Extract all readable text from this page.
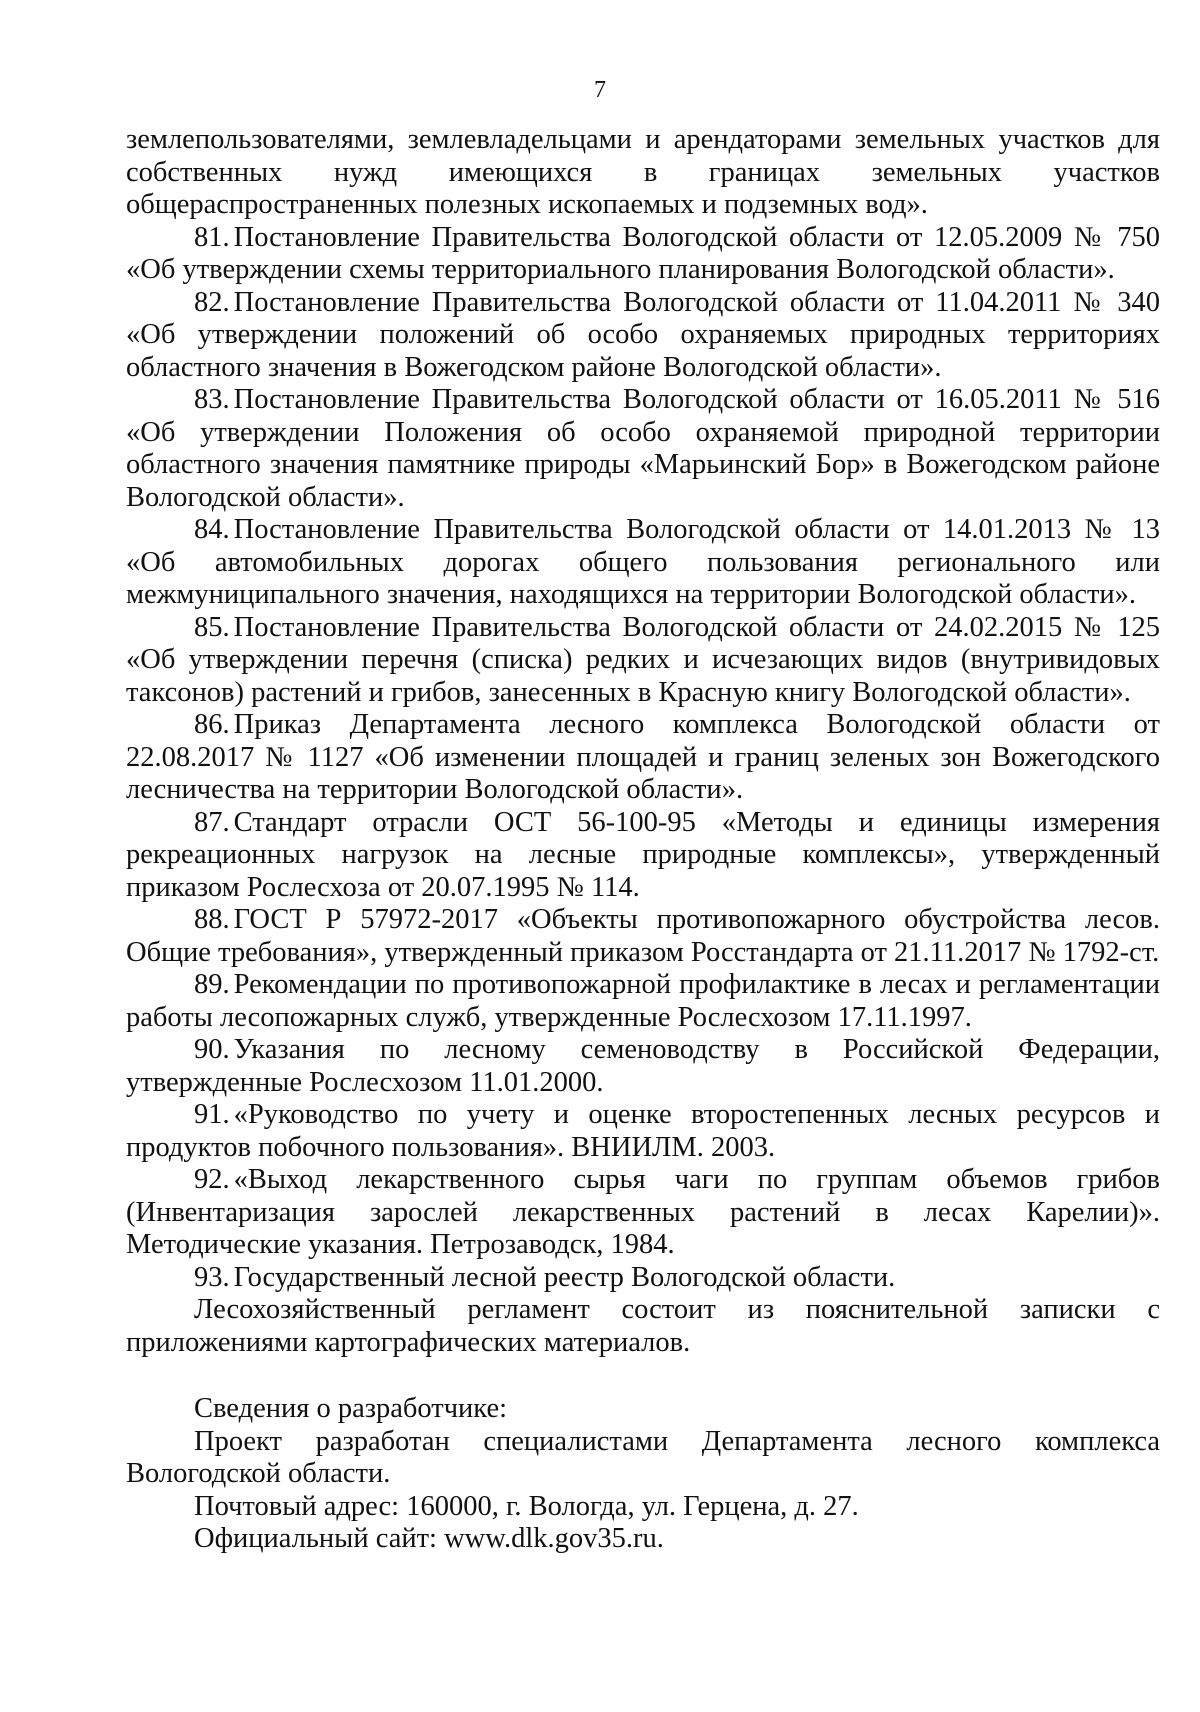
7

землепользователями, землевладельцами и арендаторами земельных участков для собственных нужд имеющихся в границах земельных участков общераспространенных полезных ископаемых и подземных вод».

81. Постановление Правительства Вологодской области от 12.05.2009 № 750 «Об утверждении схемы территориального планирования Вологодской области».

82. Постановление Правительства Вологодской области от 11.04.2011 № 340 «Об утверждении положений об особо охраняемых природных территориях областного значения в Вожегодском районе Вологодской области».

83. Постановление Правительства Вологодской области от 16.05.2011 № 516 «Об утверждении Положения об особо охраняемой природной территории областного значения памятнике природы «Марьинский Бор» в Вожегодском районе Вологодской области».

84. Постановление Правительства Вологодской области от 14.01.2013 № 13 «Об автомобильных дорогах общего пользования регионального или межмуниципального значения, находящихся на территории Вологодской области».

85. Постановление Правительства Вологодской области от 24.02.2015 № 125 «Об утверждении перечня (списка) редких и исчезающих видов (внутривидовых таксонов) растений и грибов, занесенных в Красную книгу Вологодской области».

86. Приказ Департамента лесного комплекса Вологодской области от 22.08.2017 № 1127 «Об изменении площадей и границ зеленых зон Вожегодского лесничества на территории Вологодской области».

87. Стандарт отрасли ОСТ 56-100-95 «Методы и единицы измерения рекреационных нагрузок на лесные природные комплексы», утвержденный приказом Рослесхоза от 20.07.1995 № 114.

88. ГОСТ Р 57972-2017 «Объекты противопожарного обустройства лесов. Общие требования», утвержденный приказом Росстандарта от 21.11.2017 № 1792-ст.

89. Рекомендации по противопожарной профилактике в лесах и регламентации работы лесопожарных служб, утвержденные Рослесхозом 17.11.1997.

90. Указания по лесному семеноводству в Российской Федерации, утвержденные Рослесхозом 11.01.2000.

91. «Руководство по учету и оценке второстепенных лесных ресурсов и продуктов побочного пользования». ВНИИЛМ. 2003.

92. «Выход лекарственного сырья чаги по группам объемов грибов (Инвентаризация зарослей лекарственных растений в лесах Карелии)». Методические указания. Петрозаводск, 1984.

93. Государственный лесной реестр Вологодской области.

Лесохозяйственный регламент состоит из пояснительной записки с приложениями картографических материалов.

Сведения о разработчике:

Проект разработан специалистами Департамента лесного комплекса Вологодской области.

Почтовый адрес: 160000, г. Вологда, ул. Герцена, д. 27.

Официальный сайт: www.dlk.gov35.ru.
